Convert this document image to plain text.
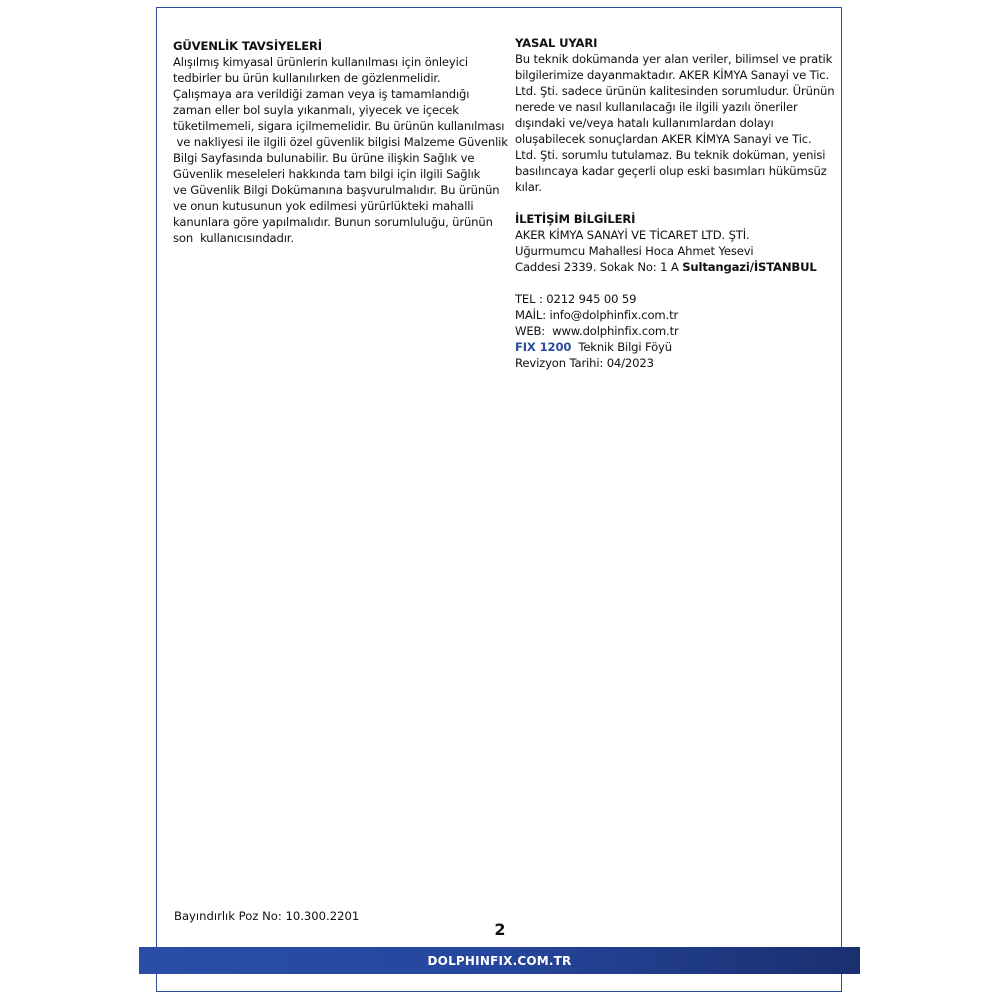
GÜVENLİK TAVSİYELERİ

Alışılmış kimyasal ürünlerin kullanılması için önleyici
tedbirler bu ürün kullanılırken de gözlenmelidir.
Çalışmaya ara verildiği zaman veya iş tamamlandığı
zaman eller bol suyla yıkanmalı, yiyecek ve içecek
tüketilmemeli, sigara içilmemelidir. Bu ürünün kullanılması
ve nakliyesi ile ilgili özel güvenlik bilgisi Malzeme Güvenlik
Bilgi Sayfasında bulunabilir. Bu ürüne ilişkin Sağlık ve
Güvenlik meseleleri hakkında tam bilgi için ilgili Sağlık
ve Güvenlik Bilgi Dokümanına başvurulmalıdır. Bu ürünün
ve onun kutusunun yok edilmesi yürürlükteki mahalli
kanunlara göre yapılmalıdır. Bunun sorumluluğu, ürünün
son  kullanıcısındadır.

YASAL UYARI

Bu teknik dokümanda yer alan veriler, bilimsel ve pratik
bilgilerimize dayanmaktadır. AKER KİMYA Sanayi ve Tic.
Ltd. Şti. sadece ürünün kalitesinden sorumludur. Ürünün
nerede ve nasıl kullanılacağı ile ilgili yazılı öneriler
dışındaki ve/veya hatalı kullanımlardan dolayı
oluşabilecek sonuçlardan AKER KİMYA Sanayi ve Tic.
Ltd. Şti. sorumlu tutulamaz. Bu teknik doküman, yenisi
basılıncaya kadar geçerli olup eski basımları hükümsüz
kılar.

İLETİŞİM BİLGİLERİ

AKER KİMYA SANAYİ VE TİCARET LTD. ŞTİ.
Uğurmumcu Mahallesi Hoca Ahmet Yesevi
Caddesi 2339. Sokak No: 1 A Sultangazi/İSTANBUL
TEL : 0212 945 00 59
MAİL: info@dolphinfix.com.tr
WEB:  www.dolphinfix.com.tr
FIX 1200  Teknik Bilgi Föyü
Revizyon Tarihi: 04/2023
Bayındırlık Poz No: 10.300.2201
2
DOLPHINFIX.COM.TR
